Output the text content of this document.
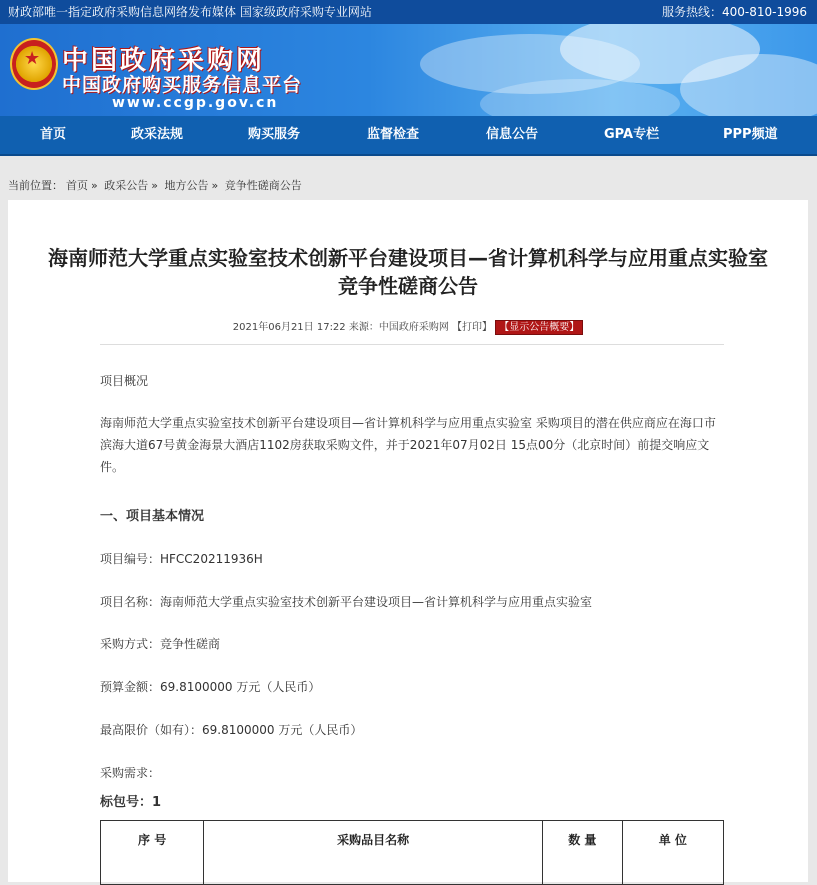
财政部唯一指定政府采购信息网络发布媒体 国家级政府采购专业网站	服务热线：400-810-1996
★ 中国政府采购网
中国政府购买服务信息平台
www.ccgp.gov.cn
首页	政采法规	购买服务	监督检查	信息公告	GPA专栏	PPP频道
当前位置： 首页 » 政采公告 » 地方公告 » 竞争性磋商公告
海南师范大学重点实验室技术创新平台建设项目—省计算机科学与应用重点实验室
竞争性磋商公告
2021年06月21日 17:22 来源：中国政府采购网 【打印】 【显示公告概要】
项目概况
海南师范大学重点实验室技术创新平台建设项目—省计算机科学与应用重点实验室 采购项目的潜在供应商应在海口市滨海大道67号黄金海景大酒店1102房获取采购文件，并于2021年07月02日 15点00分（北京时间）前提交响应文件。
一、项目基本情况
项目编号：HFCC20211936H
项目名称：海南师范大学重点实验室技术创新平台建设项目—省计算机科学与应用重点实验室
采购方式：竞争性磋商
预算金额：69.8100000 万元（人民币）
最高限价（如有）：69.8100000 万元（人民币）
采购需求：
标包号：1
序 号	采购品目名称	数 量	单 位
